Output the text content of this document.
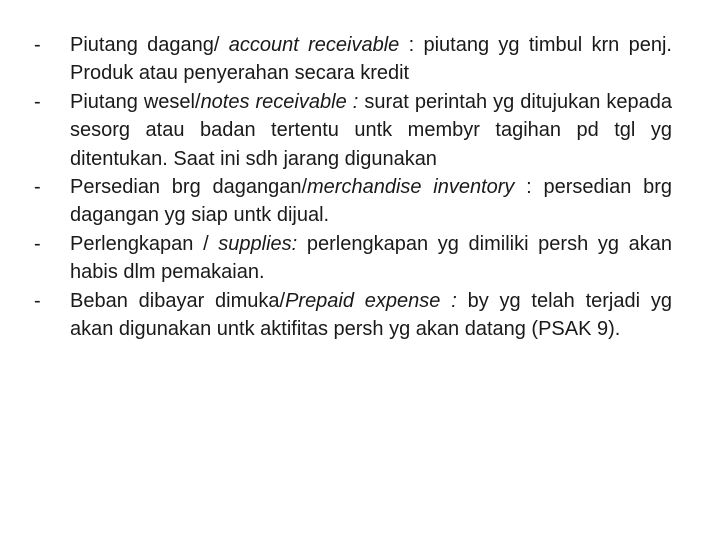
-	Piutang dagang/ account receivable : piutang yg timbul krn penj. Produk atau penyerahan secara kredit
-	Piutang wesel/notes receivable : surat perintah yg ditujukan kepada sesorg atau badan tertentu untk membyr tagihan pd tgl yg ditentukan. Saat ini sdh jarang digunakan
-	Persedian brg dagangan/merchandise inventory : persedian brg dagangan yg siap untk dijual.
-	Perlengkapan / supplies: perlengkapan yg dimiliki persh yg akan habis dlm pemakaian.
-	Beban dibayar dimuka/Prepaid expense : by yg telah terjadi yg akan digunakan untk aktifitas persh yg akan datang (PSAK 9).
